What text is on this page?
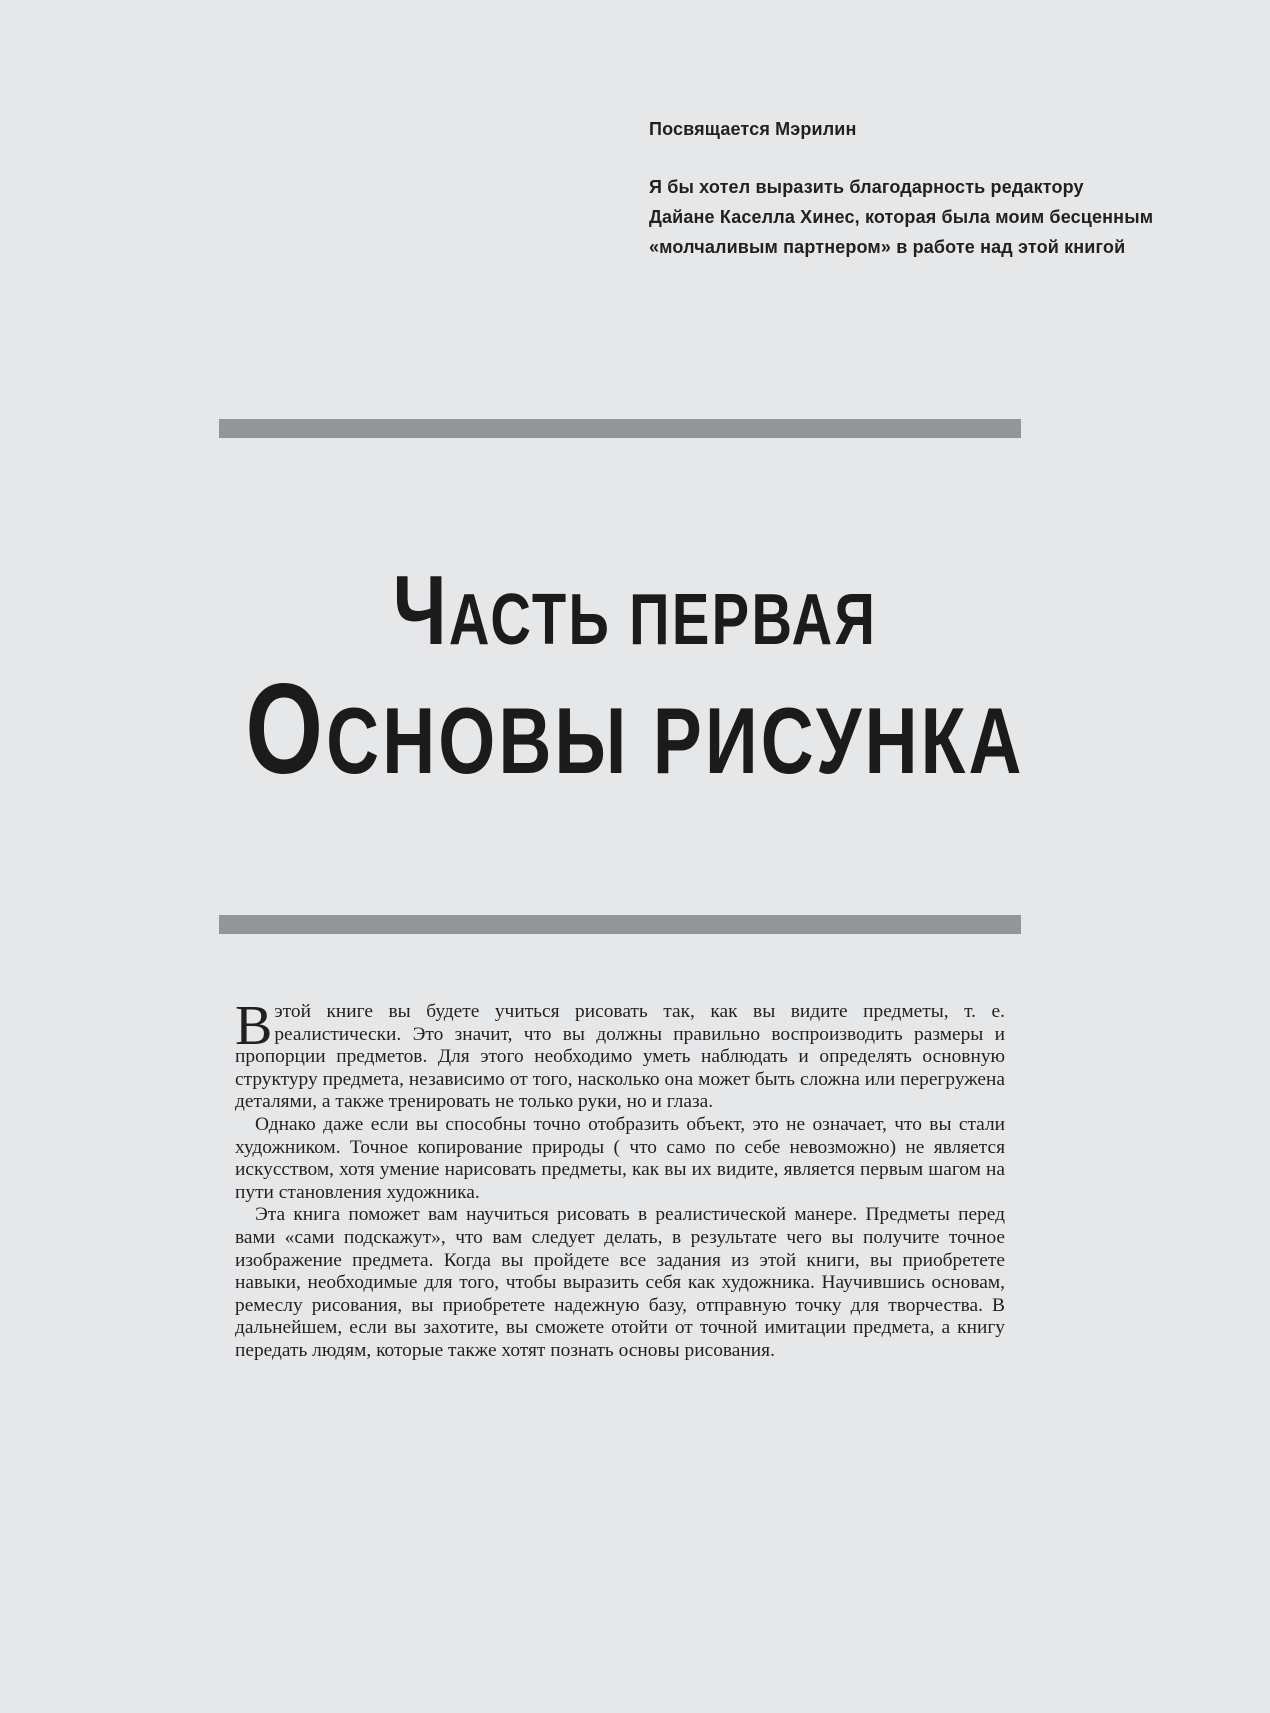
Посвящается Мэрилин

Я бы хотел выразить благодарность редактору

Дайане Каселла Хинес, которая была моим бесценным

«молчаливым партнером» в работе над этой книгой

ЧАСТЬ ПЕРВАЯ
ОСНОВЫ РИСУНКА

Вэтой книге вы будете учиться рисовать так, как вы видите предметы, т. е. реалистически. Это значит, что вы должны правильно воспроизводить размеры и пропорции предметов. Для этого необходимо уметь наблюдать и определять основную структуру предмета, независимо от того, насколько она может быть сложна или перегружена деталями, а также тренировать не только руки, но и глаза.

Однако даже если вы способны точно отобразить объект, это не означает, что вы стали художником. Точное копирование природы ( что само по себе невозможно) не является искусством, хотя умение нарисовать предметы, как вы их видите, является первым шагом на пути становления художника.

Эта книга поможет вам научиться рисовать в реалистической манере. Предметы перед вами «сами подскажут», что вам следует делать, в результате чего вы получите точное изображение предмета. Когда вы пройдете все задания из этой книги, вы приобретете навыки, необходимые для того, чтобы выразить себя как художника. Научившись основам, ремеслу рисования, вы приобретете надежную базу, отправную точку для творчества. В дальнейшем, если вы захотите, вы сможете отойти от точной имитации предмета, а книгу передать людям, которые также хотят познать основы рисования.
